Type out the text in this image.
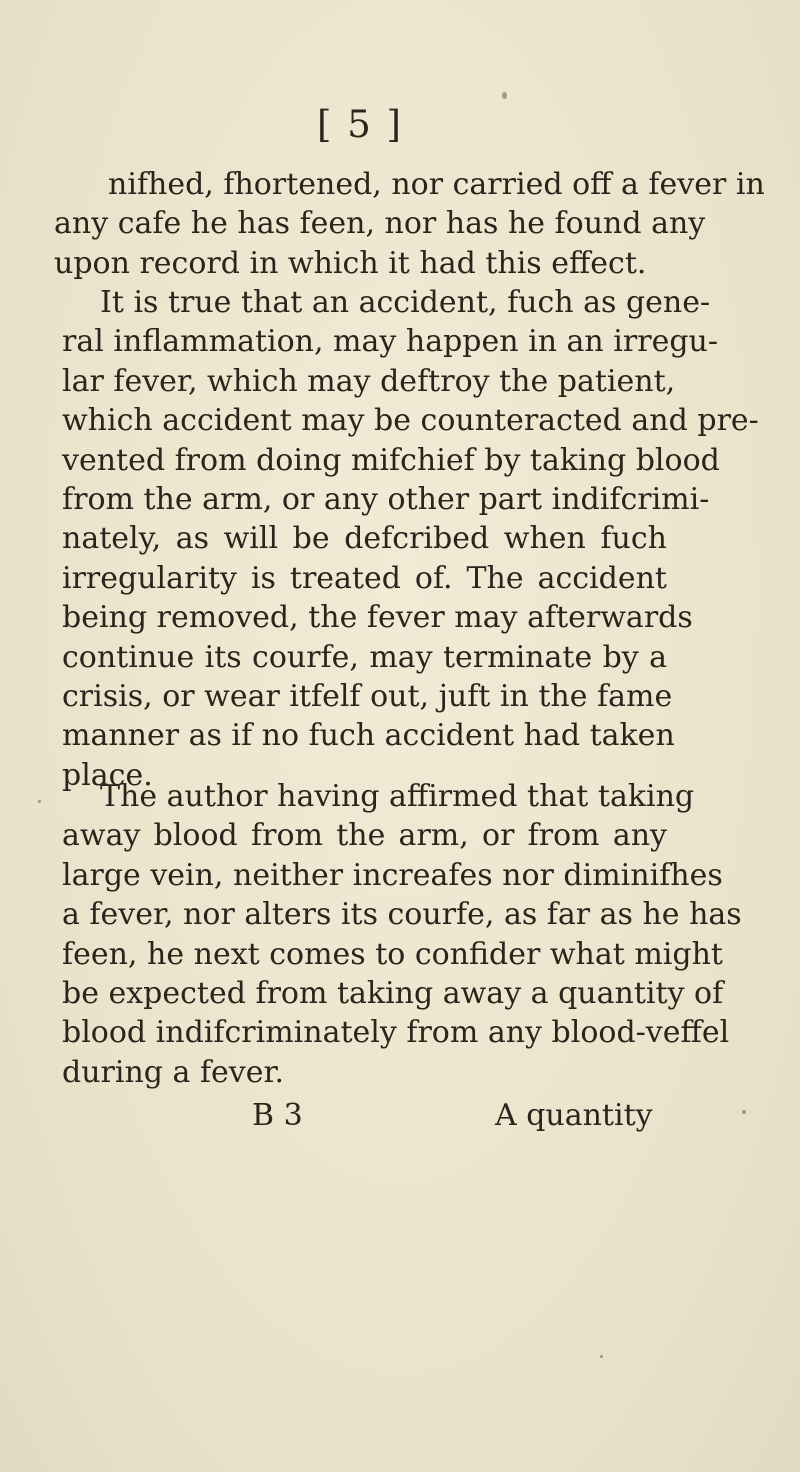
[ 5 ]
nifhed, fhortened, nor carried off a fever in
any cafe he has feen, nor has he found any
upon record in which it had this effect.
It is true that an accident, fuch as gene-
ral inflammation, may happen in an irregu-
lar fever, which may deftroy the patient,
which accident may be counteracted and pre-
vented from doing mifchief by taking blood
from the arm, or any other part indifcrimi-
nately, as will be defcribed when fuch
irregularity is treated of. The accident
being removed, the fever may afterwards
continue its courfe, may terminate by a
crisis, or wear itfelf out, juft in the fame
manner as if no fuch accident had taken
place.
The author having affirmed that taking
away blood from the arm, or from any
large vein, neither increafes nor diminifhes
a fever, nor alters its courfe, as far as he has
feen, he next comes to confider what might
be expected from taking away a quantity of
blood indifcriminately from any blood-veffel
during a fever.
B 3	A quantity
